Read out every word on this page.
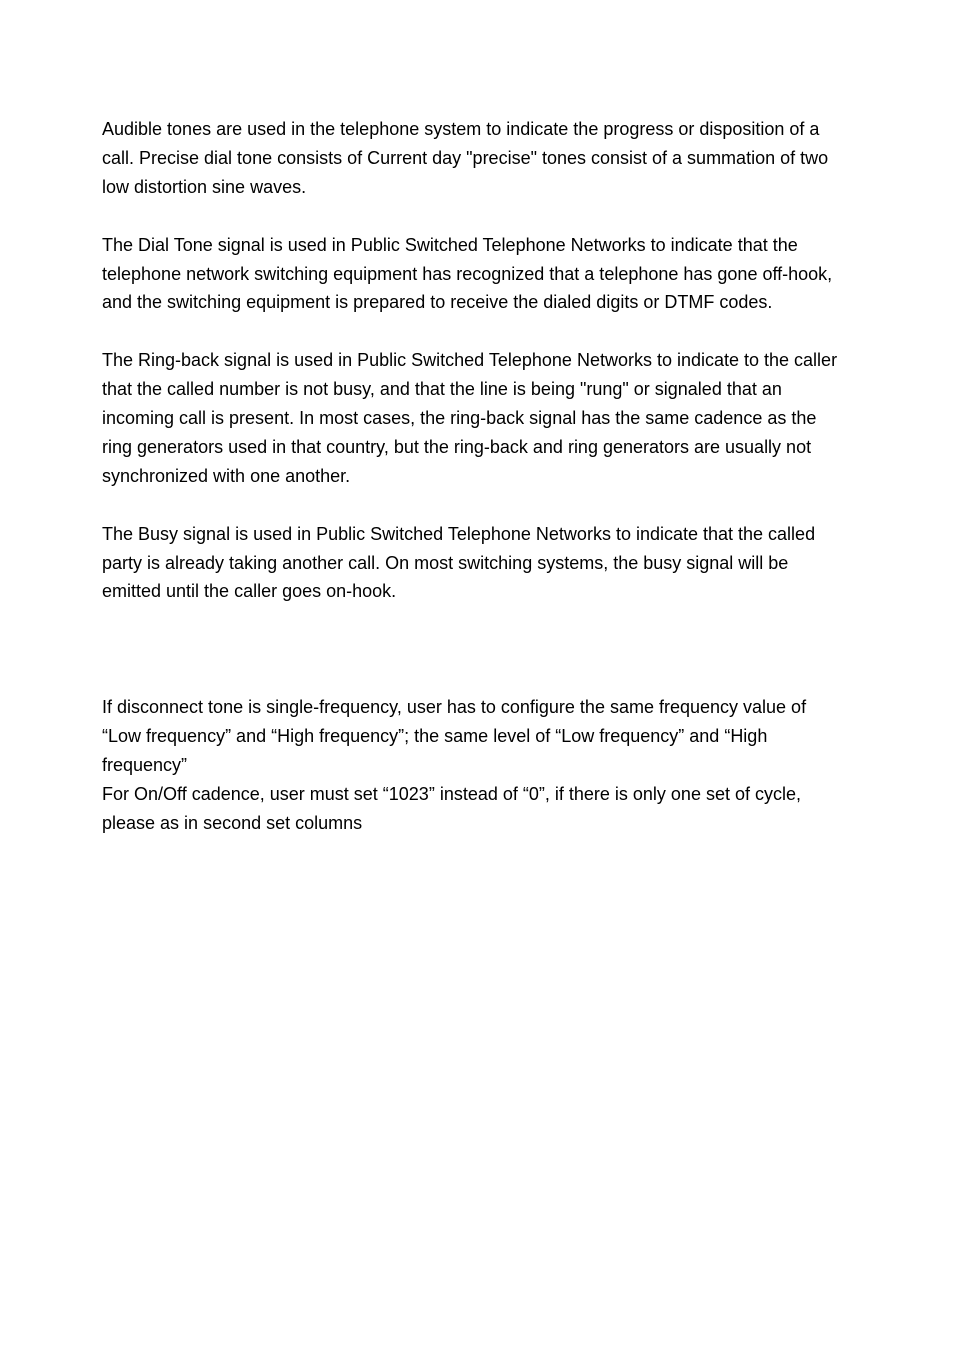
Audible tones are used in the telephone system to indicate the progress or disposition of a call. Precise dial tone consists of Current day "precise" tones consist of a summation of two low distortion sine waves.

The Dial Tone signal is used in Public Switched Telephone Networks to indicate that the telephone network switching equipment has recognized that a telephone has gone off-hook, and the switching equipment is prepared to receive the dialed digits or DTMF codes.

The Ring-back signal is used in Public Switched Telephone Networks to indicate to the caller that the called number is not busy, and that the line is being "rung" or signaled that an incoming call is present. In most cases, the ring-back signal has the same cadence as the ring generators used in that country, but the ring-back and ring generators are usually not synchronized with one another.

The Busy signal is used in Public Switched Telephone Networks to indicate that the called party is already taking another call. On most switching systems, the busy signal will be emitted until the caller goes on-hook.

If disconnect tone is single-frequency, user has to configure the same frequency value of “Low frequency” and “High frequency”; the same level of “Low frequency” and “High frequency”

For On/Off cadence, user must set “1023” instead of “0”, if there is only one set of cycle, please as in second set columns
